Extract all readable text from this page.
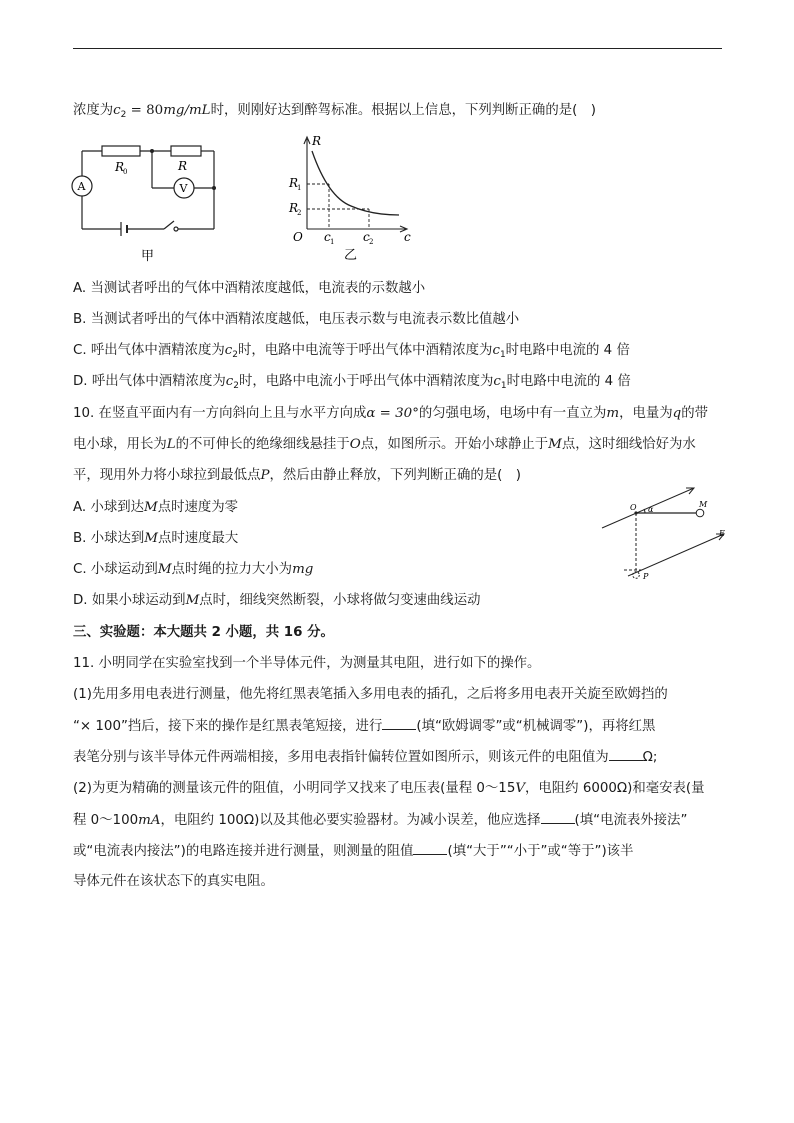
浓度为$c_2 = 80mg/mL$时，则刚好达到醉驾标准。根据以上信息，下列判断正确的是(　)
R
0	R
A	V
甲
R
c
O
R
1
R
2
c 1 c 2
乙
A. 当测试者呼出的气体中酒精浓度越低，电流表的示数越小
B. 当测试者呼出的气体中酒精浓度越低，电压表示数与电流表示数比值越小
C. 呼出气体中酒精浓度为$c_2$时，电路中电流等于呼出气体中酒精浓度为$c_1$时电路中电流的 4 倍
D. 呼出气体中酒精浓度为$c_2$时，电路中电流小于呼出气体中酒精浓度为$c_1$时电路中电流的 4 倍
10. 在竖直平面内有一方向斜向上且与水平方向成α = 30°的匀强电场，电场中有一直立为m，电量为q的带
电小球，用长为L的不可伸长的绝缘细线悬挂于O点，如图所示。开始小球静止于M点，这时细线恰好为水
平，现用外力将小球拉到最低点P，然后由静止释放，下列判断正确的是(　)
A. 小球到达M点时速度为零
B. 小球达到M点时速度最大
C. 小球运动到M点时绳的拉力大小为mg
D. 如果小球运动到M点时，细线突然断裂，小球将做匀变速曲线运动
O α
M
E
P
三、实验题：本大题共 2 小题，共 16 分。
11. 小明同学在实验室找到一个半导体元件，为测量其电阻，进行如下的操作。
(1)先用多用电表进行测量，他先将红黑表笔插入多用电表的插孔，之后将多用电表开关旋至欧姆挡的
“× 100”挡后，接下来的操作是红黑表笔短接，进行	(填“欧姆调零”或“机械调零”)，再将红黑
表笔分别与该半导体元件两端相接，多用电表指针偏转位置如图所示，则该元件的电阻值为	Ω;
(2)为更为精确的测量该元件的阻值，小明同学又找来了电压表(量程 0～15V，电阻约 6000Ω)和毫安表(量
程 0～100mA，电阻约 100Ω)以及其他必要实验器材。为减小误差，他应选择	(填“电流表外接法”
或“电流表内接法”)的电路连接并进行测量，则测量的阻值	(填“大于”“小于”或“等于”)该半
导体元件在该状态下的真实电阻。
